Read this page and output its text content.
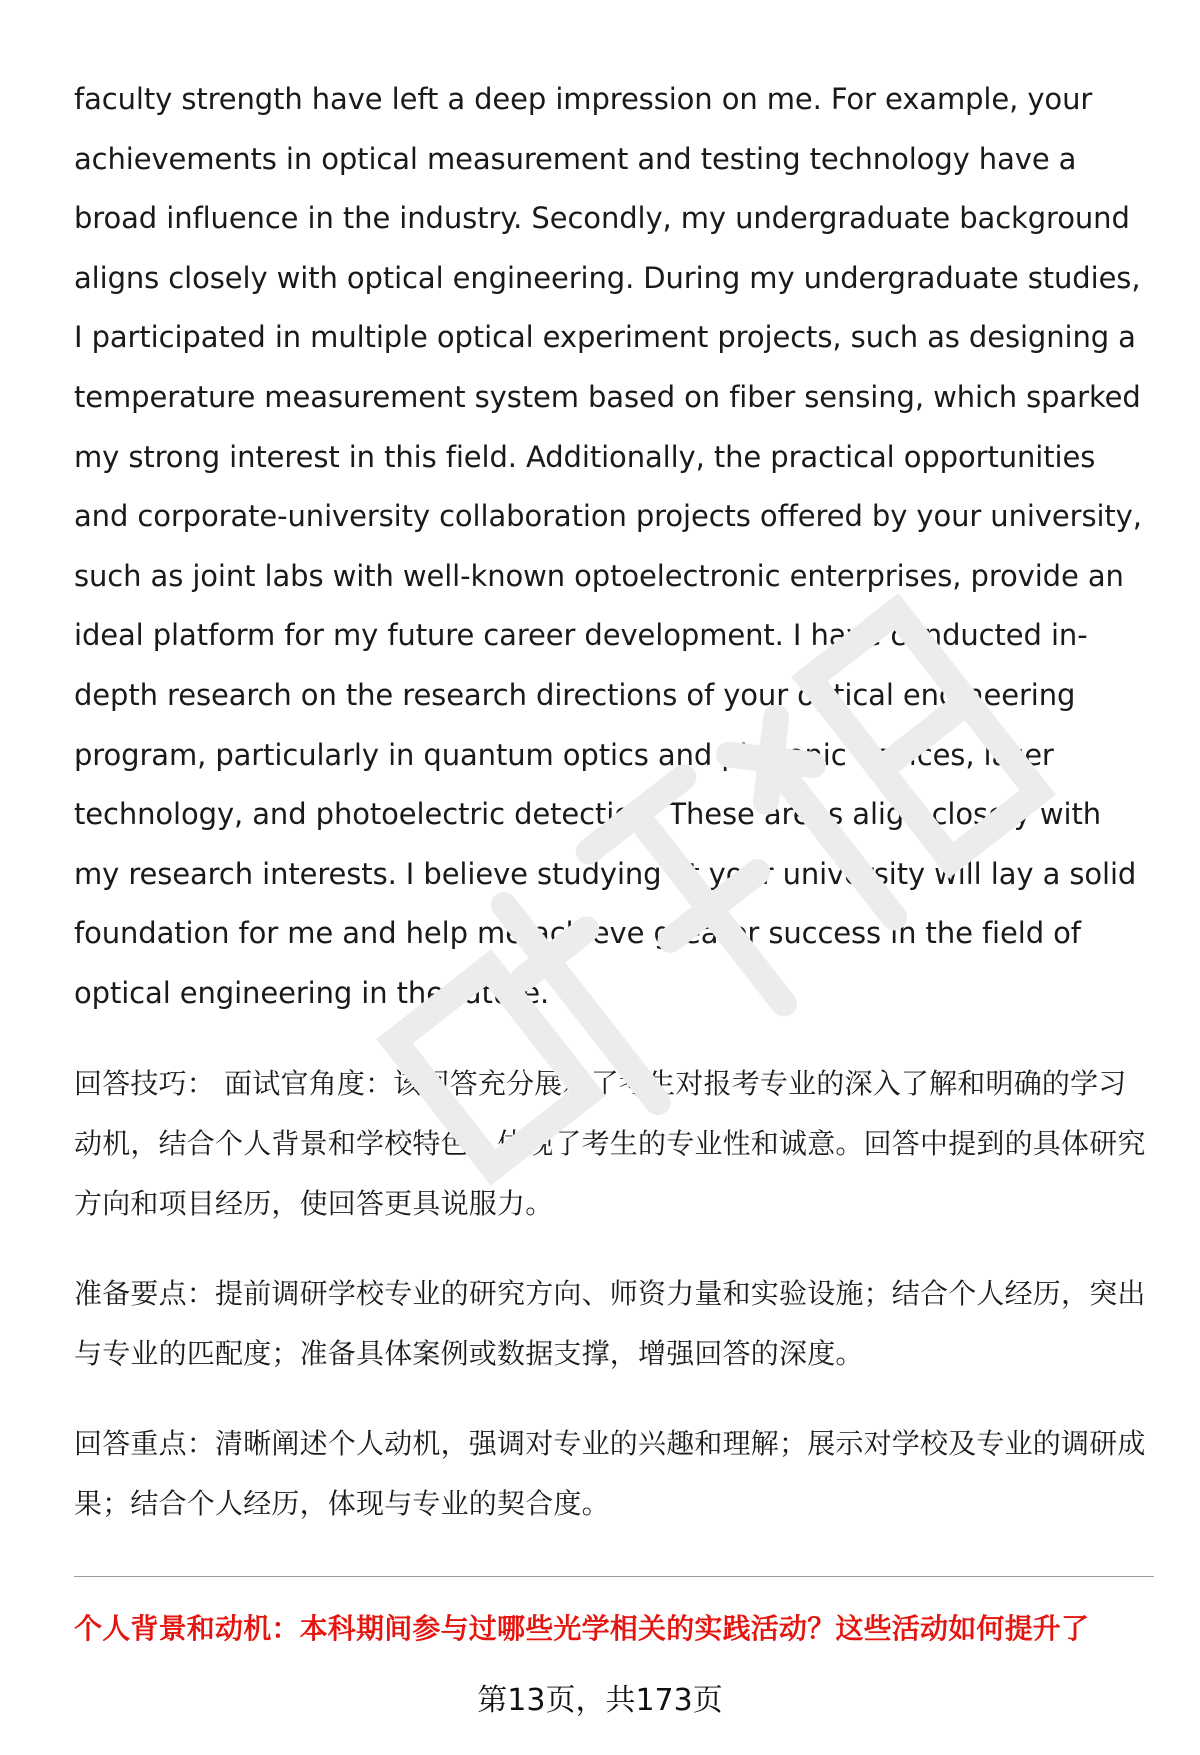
faculty strength have left a deep impression on me. For example, your achievements in optical measurement and testing technology have a broad influence in the industry. Secondly, my undergraduate background aligns closely with optical engineering. During my undergraduate studies, I participated in multiple optical experiment projects, such as designing a temperature measurement system based on fiber sensing, which sparked my strong interest in this field. Additionally, the practical opportunities and corporate-university collaboration projects offered by your university, such as joint labs with well-known optoelectronic enterprises, provide an ideal platform for my future career development. I have conducted in-depth research on the research directions of your optical engineering program, particularly in quantum optics and photonic devices, laser technology, and photoelectric detection. These areas align closely with my research interests. I believe studying at your university will lay a solid foundation for me and help me achieve greater success in the field of optical engineering in the future.

回答技巧： 面试官角度：该回答充分展示了考生对报考专业的深入了解和明确的学习动机，结合个人背景和学校特色，体现了考生的专业性和诚意。回答中提到的具体研究方向和项目经历，使回答更具说服力。

准备要点：提前调研学校专业的研究方向、师资力量和实验设施；结合个人经历，突出与专业的匹配度；准备具体案例或数据支撑，增强回答的深度。

回答重点：清晰阐述个人动机，强调对专业的兴趣和理解；展示对学校及专业的调研成果；结合个人经历，体现与专业的契合度。

个人背景和动机：本科期间参与过哪些光学相关的实践活动？这些活动如何提升了
第13页，共173页
